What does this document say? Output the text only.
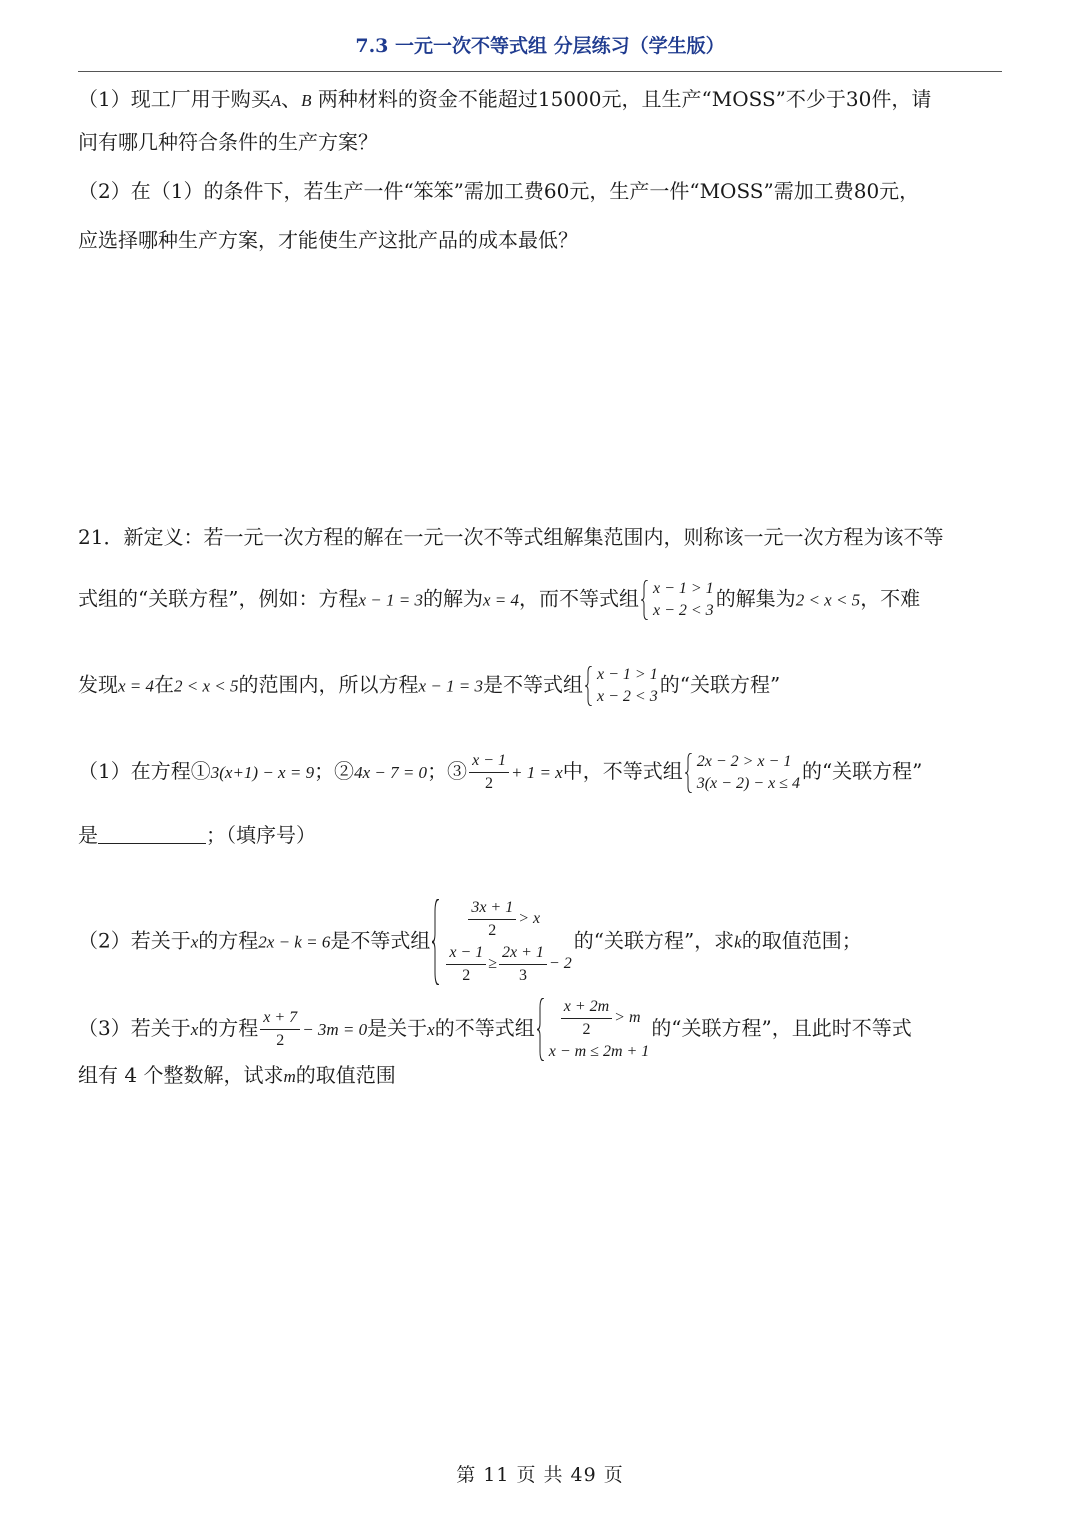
7.3 一元一次不等式组 分层练习（学生版）
（1）现工厂用于购买A、B 两种材料的资金不能超过15000元，且生产“MOSS”不少于30件，请
问有哪几种符合条件的生产方案？
（2）在（1）的条件下，若生产一件“笨笨”需加工费60元，生产一件“MOSS”需加工费80元，
应选择哪种生产方案，才能使生产这批产品的成本最低？
21．新定义：若一元一次方程的解在一元一次不等式组解集范围内，则称该一元一次方程为该不等
式组的“关联方程”，例如：方程x − 1 = 3的解为x = 4，而不等式组 x − 1 > 1
x − 2 < 3 的解集为2 < x < 5，不难
发现x = 4在2 < x < 5的范围内，所以方程x − 1 = 3是不等式组 x − 1 > 1
x − 2 < 3 的“关联方程”
（1）在方程①3(x+1) − x = 9；②4x − 7 = 0；③ $\frac{x - 1}{2} + 1 = x$中，不等式组 2x − 2 > x − 1
3(x − 2) − x ≤ 4 的“关联方程”
是	；（填序号）
（2）若关于x的方程2x − k = 6是不等式组 $\frac{3x + 1}{2} > x$
$\frac{x - 1}{2} \ge \frac{2x + 1}{3} - 2$
的“关联方程”，求k的取值范围；
（3）若关于x的方程 $\frac{x + 7}{2} - 3m = 0$是关于x的不等式组 $\frac{x + 2m}{2} > m$
x − m ≤ 2m + 1
的“关联方程”，且此时不等式
组有 4 个整数解，试求m的取值范围
第 11 页 共 49 页
